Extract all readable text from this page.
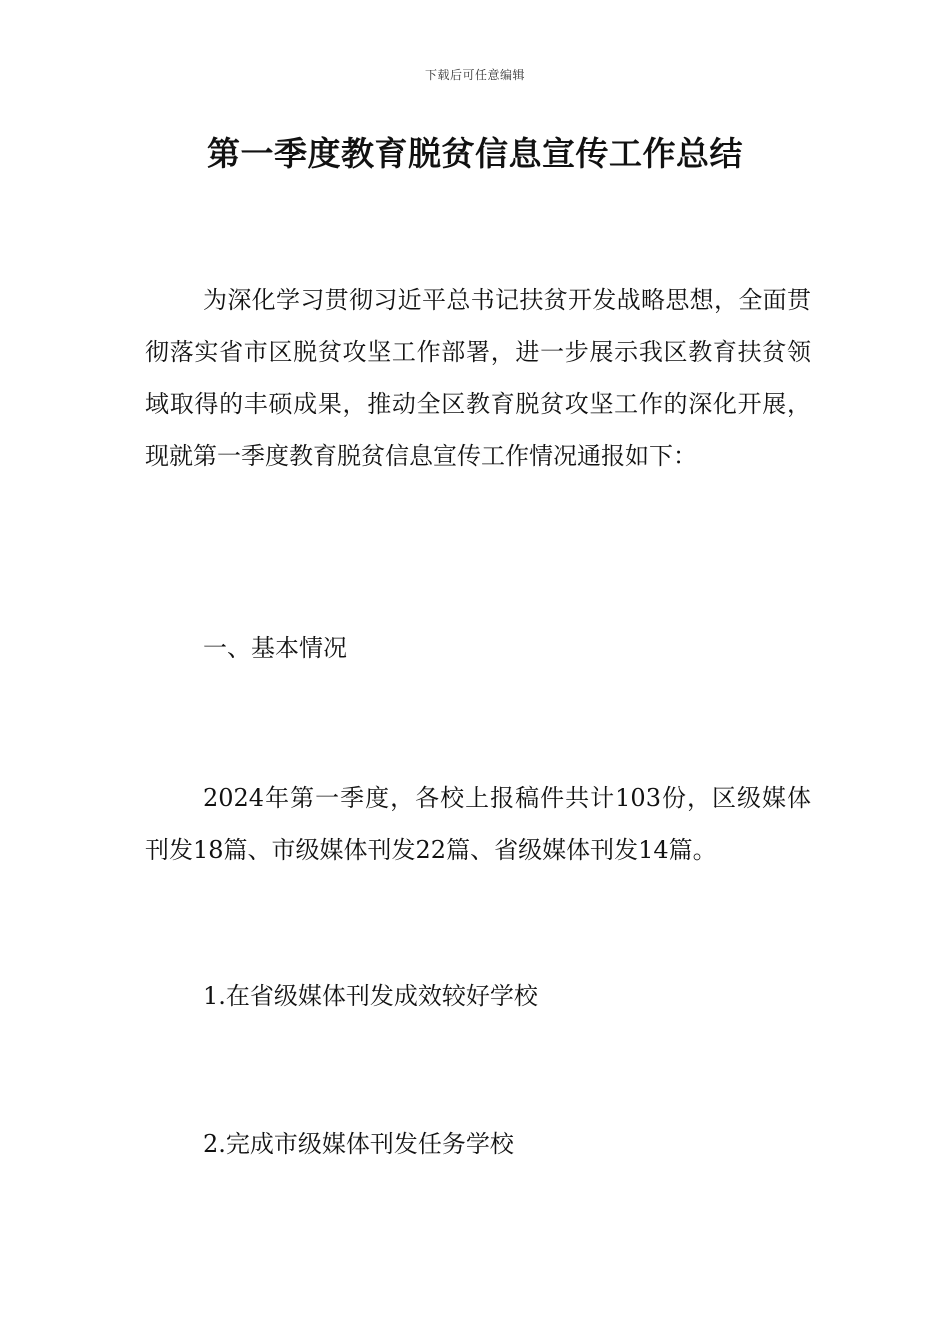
下载后可任意编辑
第一季度教育脱贫信息宣传工作总结

为深化学习贯彻习近平总书记扶贫开发战略思想，全面贯彻落实省市区脱贫攻坚工作部署，进一步展示我区教育扶贫领域取得的丰硕成果，推动全区教育脱贫攻坚工作的深化开展，现就第一季度教育脱贫信息宣传工作情况通报如下：

一、基本情况

2024年第一季度，各校上报稿件共计103份，区级媒体刊发18篇、市级媒体刊发22篇、省级媒体刊发14篇。

1.在省级媒体刊发成效较好学校

2.完成市级媒体刊发任务学校
